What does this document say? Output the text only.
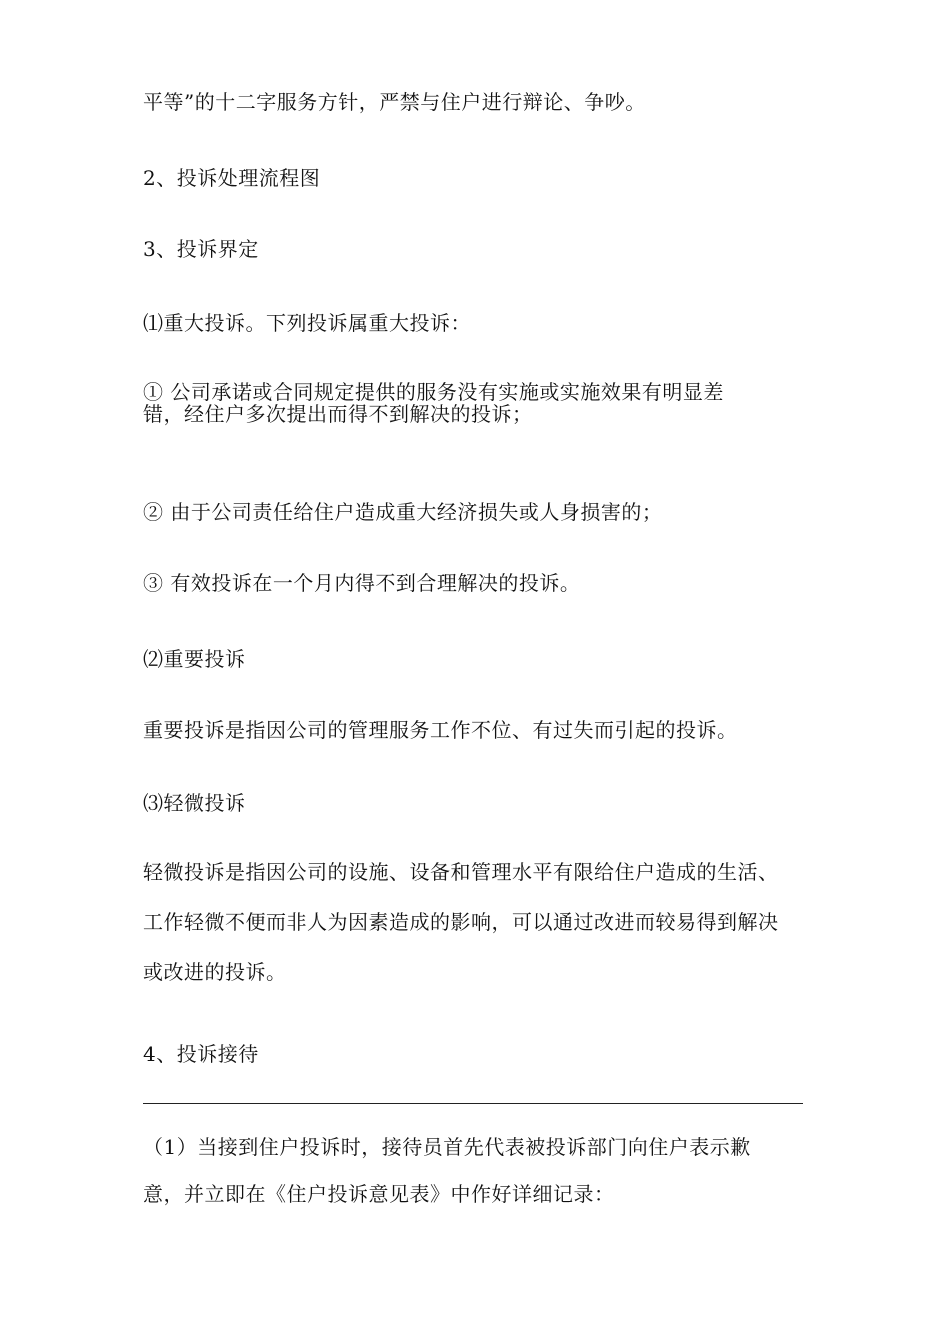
平等”的十二字服务方针，严禁与住户进行辩论、争吵。
2、投诉处理流程图
3、投诉界定
⑴重大投诉。下列投诉属重大投诉：
① 公司承诺或合同规定提供的服务没有实施或实施效果有明显差
错，经住户多次提出而得不到解决的投诉；
② 由于公司责任给住户造成重大经济损失或人身损害的；
③ 有效投诉在一个月内得不到合理解决的投诉。
⑵重要投诉
重要投诉是指因公司的管理服务工作不位、有过失而引起的投诉。
⑶轻微投诉
轻微投诉是指因公司的设施、设备和管理水平有限给住户造成的生活、
工作轻微不便而非人为因素造成的影响，可以通过改进而较易得到解决
或改进的投诉。
4、投诉接待
（1）当接到住户投诉时，接待员首先代表被投诉部门向住户表示歉
意，并立即在《住户投诉意见表》中作好详细记录：
